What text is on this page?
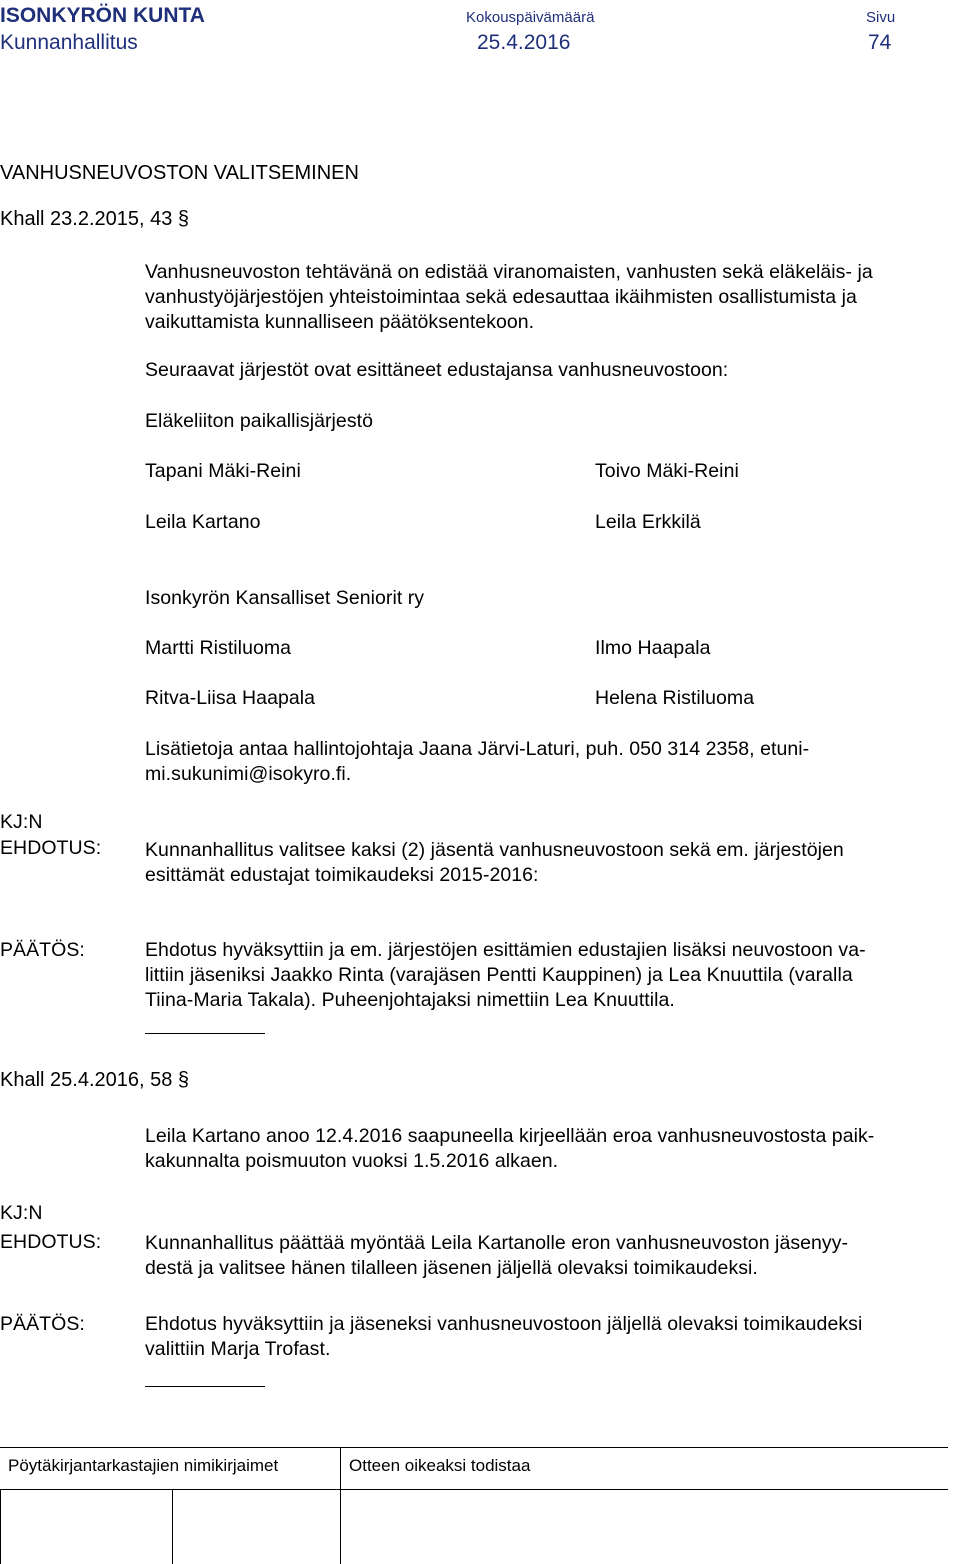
ISONKYRÖN KUNTA
Kunnanhallitus
Kokouspäivämäärä
25.4.2016
Sivu
74
VANHUSNEUVOSTON VALITSEMINEN
Khall 23.2.2015, 43 §
Vanhusneuvoston tehtävänä on edistää viranomaisten, vanhusten sekä eläkeläis- ja
vanhustyöjärjestöjen yhteistoimintaa sekä edesauttaa ikäihmisten osallistumista ja
vaikuttamista kunnalliseen päätöksentekoon.
Seuraavat järjestöt ovat esittäneet edustajansa vanhusneuvostoon:
Eläkeliiton paikallisjärjestö
Tapani Mäki-Reini	Toivo Mäki-Reini
Leila Kartano	Leila Erkkilä
Isonkyrön Kansalliset Seniorit ry
Martti Ristiluoma	Ilmo Haapala
Ritva-Liisa Haapala	Helena Ristiluoma
Lisätietoja antaa hallintojohtaja Jaana Järvi-Laturi, puh. 050 314 2358, etuni-
mi.sukunimi@isokyro.fi.
KJ:N
EHDOTUS: Kunnanhallitus valitsee kaksi (2) jäsentä vanhusneuvostoon sekä em. järjestöjen
esittämät edustajat toimikaudeksi 2015-2016:
PÄÄTÖS:	Ehdotus hyväksyttiin ja em. järjestöjen esittämien edustajien lisäksi neuvostoon va-
littiin jäseniksi Jaakko Rinta (varajäsen Pentti Kauppinen) ja Lea Knuuttila (varalla
Tiina-Maria Takala). Puheenjohtajaksi nimettiin Lea Knuuttila.
Khall 25.4.2016, 58 §
Leila Kartano anoo 12.4.2016 saapuneella kirjeellään eroa vanhusneuvostosta paik-
kakunnalta poismuuton vuoksi 1.5.2016 alkaen.
KJ:N
EHDOTUS: Kunnanhallitus päättää myöntää Leila Kartanolle eron vanhusneuvoston jäsenyy-
destä ja valitsee hänen tilalleen jäsenen jäljellä olevaksi toimikaudeksi.
PÄÄTÖS:	Ehdotus hyväksyttiin ja jäseneksi vanhusneuvostoon jäljellä olevaksi toimikaudeksi
valittiin Marja Trofast.
Pöytäkirjantarkastajien nimikirjaimet	Otteen oikeaksi todistaa
